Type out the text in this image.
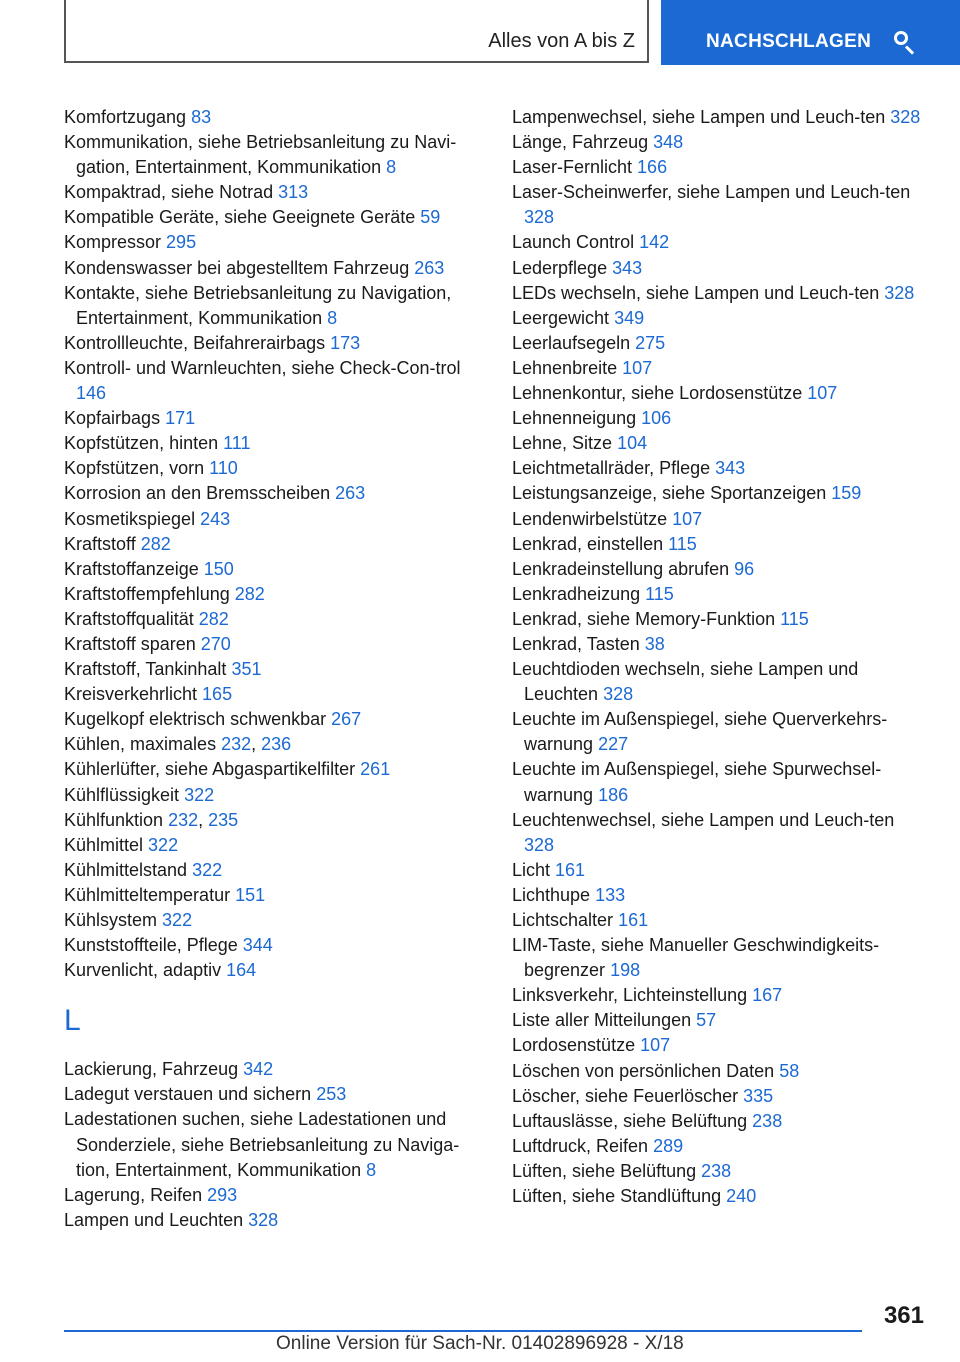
Alles von A bis Z	NACHSCHLAGEN
Komfortzugang 83
Kommunikation, siehe Betriebsanleitung zu Navi-gation, Entertainment, Kommunikation 8
Kompaktrad, siehe Notrad 313
Kompatible Geräte, siehe Geeignete Geräte 59
Kompressor 295
Kondenswasser bei abgestelltem Fahrzeug 263
Kontakte, siehe Betriebsanleitung zu Navigation, Entertainment, Kommunikation 8
Kontrollleuchte, Beifahrerairbags 173
Kontroll- und Warnleuchten, siehe Check-Con-trol 146
Kopfairbags 171
Kopfstützen, hinten 111
Kopfstützen, vorn 110
Korrosion an den Bremsscheiben 263
Kosmetikspiegel 243
Kraftstoff 282
Kraftstoffanzeige 150
Kraftstoffempfehlung 282
Kraftstoffqualität 282
Kraftstoff sparen 270
Kraftstoff, Tankinhalt 351
Kreisverkehrlicht 165
Kugelkopf elektrisch schwenkbar 267
Kühlen, maximales 232, 236
Kühlerlüfter, siehe Abgaspartikelfilter 261
Kühlflüssigkeit 322
Kühlfunktion 232, 235
Kühlmittel 322
Kühlmittelstand 322
Kühlmitteltemperatur 151
Kühlsystem 322
Kunststoffteile, Pflege 344
Kurvenlicht, adaptiv 164
L
Lackierung, Fahrzeug 342
Ladegut verstauen und sichern 253
Ladestationen suchen, siehe Ladestationen und Sonderziele, siehe Betriebsanleitung zu Naviga-tion, Entertainment, Kommunikation 8
Lagerung, Reifen 293
Lampen und Leuchten 328
Lampenwechsel, siehe Lampen und Leuch-ten 328
Länge, Fahrzeug 348
Laser-Fernlicht 166
Laser-Scheinwerfer, siehe Lampen und Leuch-ten 328
Launch Control 142
Lederpflege 343
LEDs wechseln, siehe Lampen und Leuch-ten 328
Leergewicht 349
Leerlaufsegeln 275
Lehnenbreite 107
Lehnenkontur, siehe Lordosenstütze 107
Lehnenneigung 106
Lehne, Sitze 104
Leichtmetallräder, Pflege 343
Leistungsanzeige, siehe Sportanzeigen 159
Lendenwirbelstütze 107
Lenkrad, einstellen 115
Lenkradeinstellung abrufen 96
Lenkradheizung 115
Lenkrad, siehe Memory-Funktion 115
Lenkrad, Tasten 38
Leuchtdioden wechseln, siehe Lampen und Leuchten 328
Leuchte im Außenspiegel, siehe Querverkehrs-warnung 227
Leuchte im Außenspiegel, siehe Spurwechsel-warnung 186
Leuchtenwechsel, siehe Lampen und Leuch-ten 328
Licht 161
Lichthupe 133
Lichtschalter 161
LIM-Taste, siehe Manueller Geschwindigkeits-begrenzer 198
Linksverkehr, Lichteinstellung 167
Liste aller Mitteilungen 57
Lordosenstütze 107
Löschen von persönlichen Daten 58
Löscher, siehe Feuerlöscher 335
Luftauslässe, siehe Belüftung 238
Luftdruck, Reifen 289
Lüften, siehe Belüftung 238
Lüften, siehe Standlüftung 240
361
Online Version für Sach-Nr. 01402896928 - X/18
